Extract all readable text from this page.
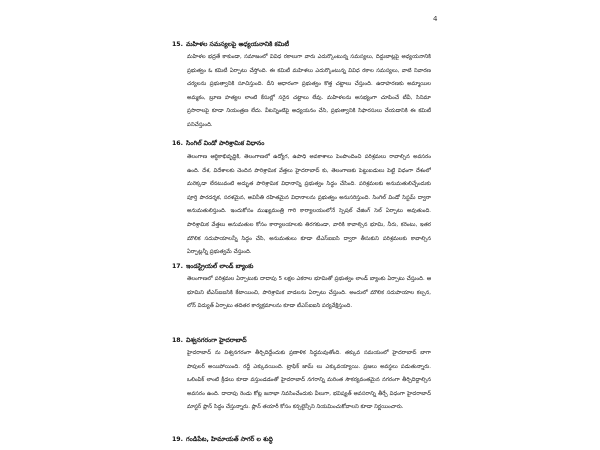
4
15. మహిళల సమస్యలపై అధ్యయనానికి కమిటీ
మహిళల భద్రతే కాకుండా, సమాజంలో వివిధ రకాలుగా వారు ఎదుర్కొంటున్న సమస్యలు, దిద్దుబాట్లపై అధ్యయనానికి ప్రభుత్వం ఓ కమిటీ ఏర్పాటు చేస్తోంది. ఈ కమిటీ మహిళలు ఎదుర్కొంటున్న వివిధ రకాల సమస్యలు, వాటి నివారణ చర్యలను ప్రభుత్వానికి సూచిస్తుంది. దీని ఆధారంగా ప్రభుత్వం కొత్త చట్టాలు చేస్తుంది. ఉదాహరణకు అమ్మాయిల అమ్మకం, బ్రూణ హత్యల లాంటి కేసుల్లో సరైన చట్టాలు లేవు. మహిళలను అసభ్యంగా చూపించే టీవీ, సినిమా ప్రసారాలపై కూడా నియంత్రణ లేదు. వీటన్నింటిపై అధ్యయనం చేసి, ప్రభుత్వానికి సిఫారసులు చేయడానికి ఈ కమిటీ పనిచేస్తుంది.
16. సింగిల్ విండో పారిశ్రామిక విధానం
తెలంగాణ ఆర్థికాభివృద్ధికి, తెలంగాణలో ఉద్యోగ, ఉపాధి అవకాశాలు పెంపొందించి పరిశ్రమలు రావాల్సిన అవసరం ఉంది. దేశ, విదేశాలకు చెందిన పారిశ్రామిక వేత్తలు హైదరాబాద్ కు, తెలంగాణకు పెట్టుబడులు పెట్టి విధంగా దేశంలో మరెక్కడా లేనటువంటి అద్భుత పారిశ్రామిక విధానాన్ని ప్రభుత్వం సిద్ధం చేసింది. పరిశ్రమలకు అనుమతులిచ్చేందుకు పూర్తి పారదర్శక, సరళమైన, అవినీతి రహితమైన విధానాలను ప్రభుత్వం అనుసరిస్తుంది. సింగిల్ విండో సిస్టమ్ ద్వారా అనుమతులిస్తుంది. ఇందుకోసం ముఖ్యమంత్రి గారి కార్యాలయంలోనే స్పెషల్ చేజింగ్ సెల్ ఏర్పాటు అవుతుంది. పారిశ్రామిక వేత్తలు అనుమతుల కోసం కార్యాలయాలకు తిరగకుండా, వారికి కావాల్సిన భూమి, నీరు, కరెంటు, ఇతర మౌలిక సదుపాయాలన్నీ సిద్ధం చేసి, అనుమతులు కూడా టీఎస్ఐఐసి ద్వారా తీసుకుని పరిశ్రమలకు కావాల్సిన ఏర్పాట్లన్నీ ప్రభుత్వమే చేస్తుంది.
17. ఇండస్ట్రియల్ లాండ్ బ్యాంకు
తెలంగాణలో పరిశ్రమల ఏర్పాటుకు దాదాపు 5 లక్షల ఎకరాల భూమితో ప్రభుత్వం లాండ్ బ్యాంకు ఏర్పాటు చేస్తుంది. ఆ భూమిని టీఎస్ఐఐసికి కేటాయించి, పారిశ్రామిక వాడలను ఏర్పాటు చేస్తుంది. అందులో మౌలిక సదుపాయాల కల్పన, లోన్ విద్యుత్ ఏర్పాటు తదితర కార్యక్రమాలను కూడా టీఎస్ఐఐసి పర్యవేక్షిస్తుంది.
18. విశ్వనగరంగా హైదరాబాద్
హైదరాబాద్ ను విశ్వనగరంగా తీర్చిదిద్దేందుకు ప్రణాళిక సిద్ధమవుతోంది. తక్కువ సమయంలో హైదరాబాద్ బాగా పాపులర్ అయిపోయింది. రద్దీ ఎక్కువయింది. ట్రాఫిక్ జామ్ లు ఎక్కువయ్యాయి. ప్రజలు అవస్థలు పడుతున్నారు. ఒలింపిక్ లాంటి క్రీడలు కూడా వస్తుండడంతో హైదరాబాద్ నగరాన్ని మరింత సౌకర్యవంతమైన నగరంగా తీర్చిదిద్దాల్సిన అవసరం ఉంది. దాదాపు రెండు కోట్ల జనాభా నివసించేందుకు వీలుగా, భవిష్యత్ అవసరాన్ని తీర్చే విధంగా హైదరాబాద్ మాస్టర్ ప్లాన్ సిద్ధం చేస్తున్నారు. ప్లాన్ తయారీ కోసం కన్సల్టెన్సీని నియమించుకోవాలని కూడా నిర్ణయించారు.
19. గండిపేట, హిమాయత్ సాగర్ ల శుద్ధి
